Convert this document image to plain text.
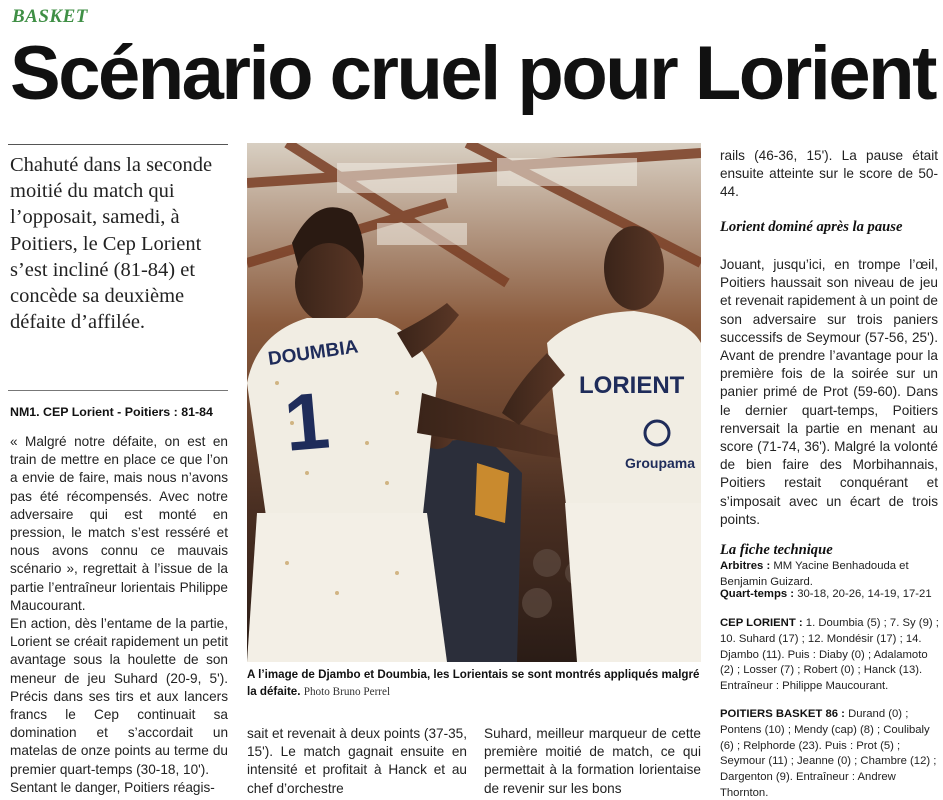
BASKET
Scénario cruel pour Lorient
Chahuté dans la seconde moitié du match qui l’opposait, samedi, à Poitiers, le Cep Lorient s’est incliné (81-84) et concède sa deuxième défaite d’affilée.
NM1. CEP Lorient - Poitiers : 81-84

« Malgré notre défaite, on est en train de mettre en place ce que l’on a envie de faire, mais nous n’avons pas été récompensés. Avec notre adversaire qui est monté en pression, le match s’est resséré et nous avons connu ce mauvais scénario », regrettait à l’issue de la partie l’entraîneur lorientais Philippe Maucourant.

En action, dès l’entame de la partie, Lorient se créait rapidement un petit avantage sous la houlette de son meneur de jeu Suhard (20-9, 5'). Précis dans ses tirs et aux lancers francs le Cep continuait sa domination et s’accordait un matelas de onze points au terme du premier quart-temps (30-18, 10').

Sentant le danger, Poitiers réagis-

DOUMBIA
1	LORIENT
Groupama
A l’image de Djambo et Doumbia, les Lorientais se sont montrés appliqués malgré la défaite. Photo Bruno Perrel
sait et revenait à deux points (37-35, 15'). Le match gagnait ensuite en intensité et profitait à Hanck et au chef d’orchestre
Suhard, meilleur marqueur de cette première moitié de match, ce qui permettait à la formation lorientaise de revenir sur les bons
rails (46-36, 15'). La pause était ensuite atteinte sur le score de 50-44.
Lorient dominé après la pause
Jouant, jusqu’ici, en trompe l’œil, Poitiers haussait son niveau de jeu et revenait rapidement à un point de son adversaire sur trois paniers successifs de Seymour (57-56, 25'). Avant de prendre l’avantage pour la première fois de la soirée sur un panier primé de Prot (59-60). Dans le dernier quart-temps, Poitiers renversait la partie en menant au score (71-74, 36'). Malgré la volonté de bien faire des Morbihannais, Poitiers restait conquérant et s’imposait avec un écart de trois points.
La fiche technique
Arbitres : MM Yacine Benhadouda et Benjamin Guizard.
Quart-temps : 30-18, 20-26, 14-19, 17-21
CEP LORIENT : 1. Doumbia (5) ; 7. Sy (9) ; 10. Suhard (17) ; 12. Mondésir (17) ; 14. Djambo (11). Puis : Diaby (0) ; Adalamoto (2) ; Losser (7) ; Robert (0) ; Hanck (13). Entraîneur : Philippe Maucourant.
POITIERS BASKET 86 : Durand (0) ; Pontens (10) ; Mendy (cap) (8) ; Coulibaly (6) ; Relphorde (23). Puis : Prot (5) ; Seymour (11) ; Jeanne (0) ; Chambre (12) ; Dargenton (9). Entraîneur : Andrew Thornton.
